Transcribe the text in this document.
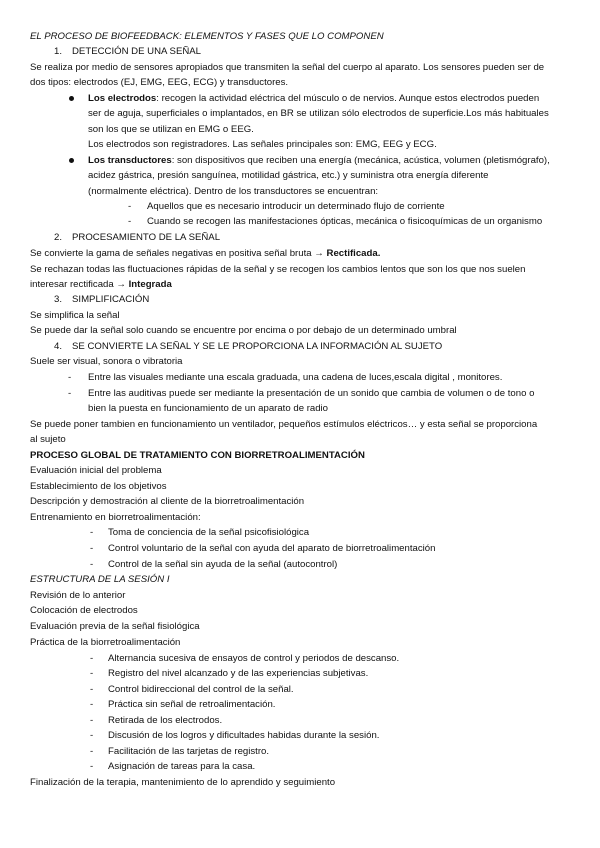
EL PROCESO DE BIOFEEDBACK: ELEMENTOS Y FASES QUE LO COMPONEN
1. DETECCIÓN DE UNA SEÑAL
Se realiza por medio de sensores apropiados que transmiten la señal del cuerpo al aparato. Los sensores pueden ser de
dos tipos: electrodos (EJ, EMG, EEG, ECG) y transductores.
Los electrodos: recogen la actividad eléctrica del músculo o de nervios. Aunque estos electrodos pueden
ser de aguja, superficiales o implantados, en BR se utilizan sólo electrodos de superficie.Los más habituales
son los que se utilizan en EMG o EEG.
Los electrodos son registradores. Las señales principales son: EMG, EEG y ECG.
Los transductores: son dispositivos que reciben una energía (mecánica, acústica, volumen (pletismógrafo),
acidez gástrica, presión sanguínea, motilidad gástrica, etc.) y suministra otra energía diferente
(normalmente eléctrica). Dentro de los transductores se encuentran:
- Aquellos que es necesario introducir un determinado flujo de corriente
- Cuando se recogen las manifestaciones ópticas, mecánica o fisicoquímicas de un organismo
2. PROCESAMIENTO DE LA SEÑAL
Se convierte la gama de señales negativas en positiva señal bruta → Rectificada.
Se rechazan todas las fluctuaciones rápidas de la señal y se recogen los cambios lentos que son los que nos suelen
interesar rectificada → Integrada
3. SIMPLIFICACIÓN
Se simplifica la señal
Se puede dar la señal solo cuando se encuentre por encima o por debajo de un determinado umbral
4. SE CONVIERTE LA SEÑAL Y SE LE PROPORCIONA LA INFORMACIÓN AL SUJETO
Suele ser visual, sonora o vibratoria
- Entre las visuales mediante una escala graduada, una cadena de luces,escala digital , monitores.
- Entre las auditivas puede ser mediante la presentación de un sonido que cambia de volumen o de tono o
bien la puesta en funcionamiento de un aparato de radio
Se puede poner tambien en funcionamiento un ventilador, pequeños estímulos eléctricos… y esta señal se proporciona
al sujeto
PROCESO GLOBAL DE TRATAMIENTO CON BIORRETROALIMENTACIÓN
Evaluación inicial del problema
Establecimiento de los objetivos
Descripción y demostración al cliente de la biorretroalimentación
Entrenamiento en biorretroalimentación:
- Toma de conciencia de la señal psicofisiológica
- Control voluntario de la señal con ayuda del aparato de biorretroalimentación
- Control de la señal sin ayuda de la señal (autocontrol)
ESTRUCTURA DE LA SESIÓN I
Revisión de lo anterior
Colocación de electrodos
Evaluación previa de la señal fisiológica
Práctica de la biorretroalimentación
- Alternancia sucesiva de ensayos de control y periodos de descanso.
- Registro del nivel alcanzado y de las experiencias subjetivas.
- Control bidireccional del control de la señal.
- Práctica sin señal de retroalimentación.
- Retirada de los electrodos.
- Discusión de los logros y dificultades habidas durante la sesión.
- Facilitación de las tarjetas de registro.
- Asignación de tareas para la casa.
Finalización de la terapia, mantenimiento de lo aprendido y seguimiento
